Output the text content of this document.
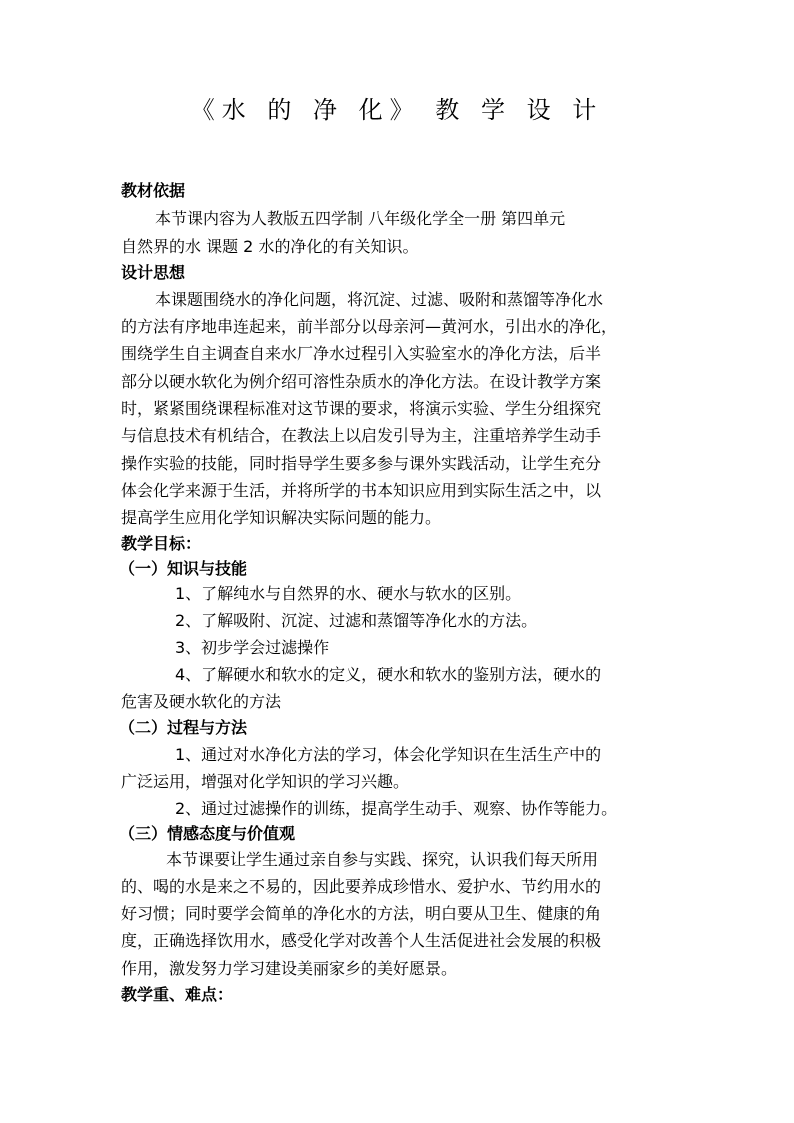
《水 的 净 化》 教 学 设 计
教材依据
本节课内容为人教版五四学制 八年级化学全一册 第四单元
自然界的水 课题 2 水的净化的有关知识。
设计思想
本课题围绕水的净化问题，将沉淀、过滤、吸附和蒸馏等净化水
的方法有序地串连起来，前半部分以母亲河—黄河水，引出水的净化，
围绕学生自主调查自来水厂净水过程引入实验室水的净化方法，后半
部分以硬水软化为例介绍可溶性杂质水的净化方法。在设计教学方案
时，紧紧围绕课程标准对这节课的要求，将演示实验、学生分组探究
与信息技术有机结合，在教法上以启发引导为主，注重培养学生动手
操作实验的技能，同时指导学生要多参与课外实践活动，让学生充分
体会化学来源于生活，并将所学的书本知识应用到实际生活之中，以
提高学生应用化学知识解决实际问题的能力。
教学目标：
（一）知识与技能
1、了解纯水与自然界的水、硬水与软水的区别。
2、了解吸附、沉淀、过滤和蒸馏等净化水的方法。
3、初步学会过滤操作
4、了解硬水和软水的定义，硬水和软水的鉴别方法，硬水的
危害及硬水软化的方法
（二）过程与方法
1、通过对水净化方法的学习，体会化学知识在生活生产中的
广泛运用，增强对化学知识的学习兴趣。
2、通过过滤操作的训练，提高学生动手、观察、协作等能力。
（三）情感态度与价值观
本节课要让学生通过亲自参与实践、探究，认识我们每天所用
的、喝的水是来之不易的，因此要养成珍惜水、爱护水、节约用水的
好习惯；同时要学会简单的净化水的方法，明白要从卫生、健康的角
度，正确选择饮用水，感受化学对改善个人生活促进社会发展的积极
作用，激发努力学习建设美丽家乡的美好愿景。
教学重、难点：
